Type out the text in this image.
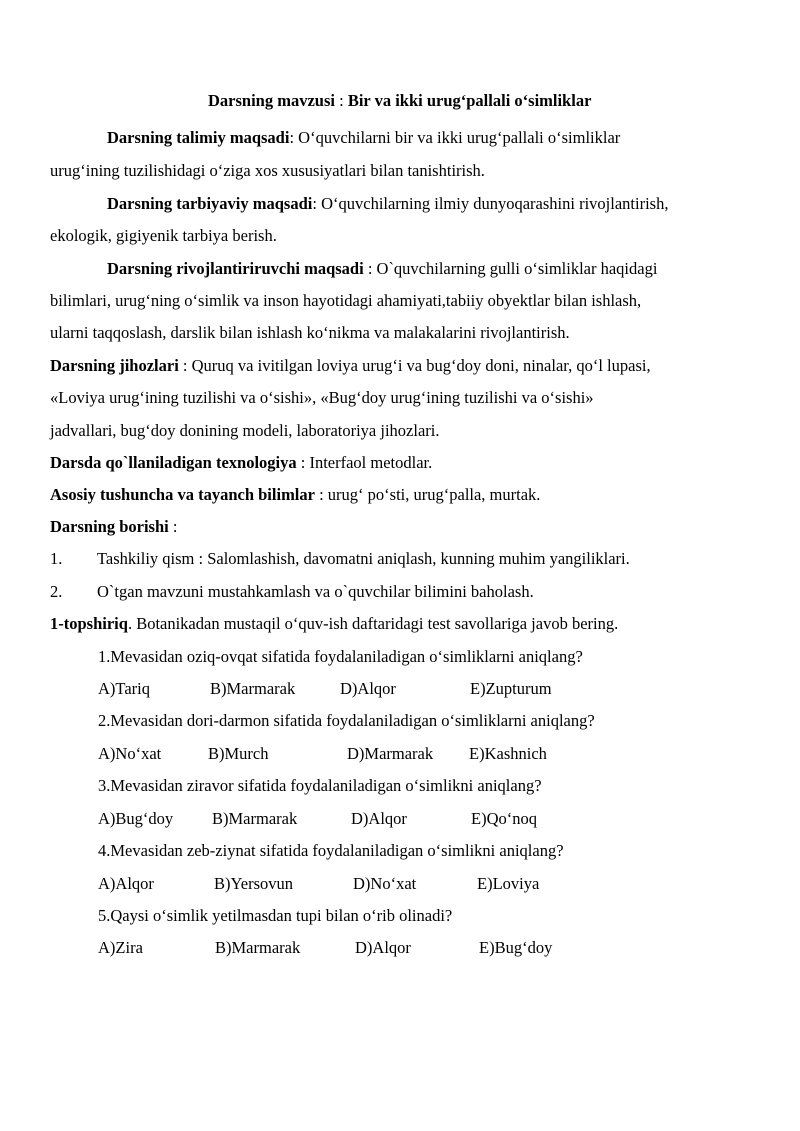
Darsning mavzusi : Bir va ikki urug‘pallali o‘simliklar
Darsning talimiy maqsadi: O‘quvchilarni bir va ikki urug‘pallali o‘simliklar
urug‘ining tuzilishidagi o‘ziga xos xususiyatlari bilan tanishtirish.
Darsning tarbiyaviy maqsadi: O‘quvchilarning ilmiy dunyoqarashini rivojlantirish,
ekologik, gigiyenik tarbiya berish.
Darsning rivojlantiriruvchi maqsadi : O`quvchilarning gulli o‘simliklar haqidagi
bilimlari, urug‘ning o‘simlik va inson hayotidagi ahamiyati,tabiiy obyektlar bilan ishlash,
ularni taqqoslash, darslik bilan ishlash ko‘nikma va malakalarini rivojlantirish.
Darsning jihozlari : Quruq va ivitilgan loviya urug‘i va bug‘doy doni, ninalar, qo‘l lupasi,
«Loviya urug‘ining tuzilishi va o‘sishi», «Bug‘doy urug‘ining tuzilishi va o‘sishi»
jadvallari, bug‘doy donining modeli, laboratoriya jihozlari.
Darsda qo`llaniladigan texnologiya : Interfaol metodlar.
Asosiy tushuncha va tayanch bilimlar : urug‘ po‘sti, urug‘palla, murtak.
Darsning borishi :
1. Tashkiliy qism : Salomlashish, davomatni aniqlash, kunning muhim yangiliklari.
2. O`tgan mavzuni mustahkamlash va o`quvchilar bilimini baholash.
1-topshiriq. Botanikadan mustaqil o‘quv-ish daftaridagi test savollariga javob bering.
1.Mevasidan oziq-ovqat sifatida foydalaniladigan o‘simliklarni aniqlang?
A)Tariq	B)Marmarak	D)Alqor	E)Zupturum
2.Mevasidan dori-darmon sifatida foydalaniladigan o‘simliklarni aniqlang?
A)No‘xat	B)Murch	D)Marmarak E)Kashnich
3.Mevasidan ziravor sifatida foydalaniladigan o‘simlikni aniqlang?
A)Bug‘doy B)Marmarak	D)Alqor	E)Qo‘noq
4.Mevasidan zeb-ziynat sifatida foydalaniladigan o‘simlikni aniqlang?
A)Alqor	B)Yersovun	D)No‘xat	E)Loviya
5.Qaysi o‘simlik yetilmasdan tupi bilan o‘rib olinadi?
A)Zira	B)Marmarak	D)Alqor	E)Bug‘doy
